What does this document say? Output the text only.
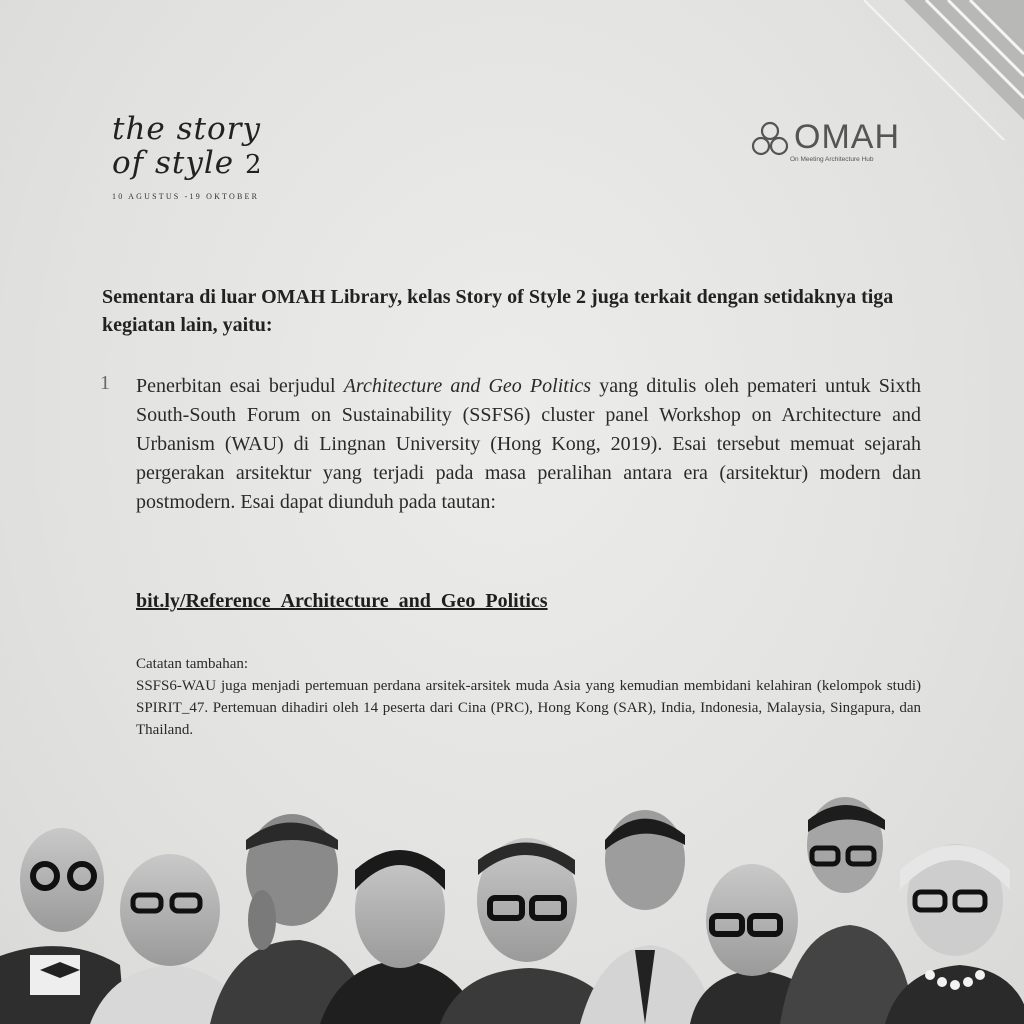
the story
of style 2
10 AGUSTUS -19 OKTOBER
OMAH
On Meeting Architecture Hub
Sementara di luar OMAH Library, kelas Story of Style 2 juga terkait dengan setidaknya tiga kegiatan lain, yaitu:
1 Penerbitan esai berjudul Architecture and Geo Politics yang ditulis oleh pemateri untuk Sixth South-South Forum on Sustainability (SSFS6) cluster panel Workshop on Architecture and Urbanism (WAU) di Lingnan University (Hong Kong, 2019). Esai tersebut memuat sejarah pergerakan arsitektur yang terjadi pada masa peralihan antara era (arsitektur) modern dan postmodern. Esai dapat diunduh pada tautan:
bit.ly/Reference_Architecture_and_Geo_Politics
Catatan tambahan:
SSFS6-WAU juga menjadi pertemuan perdana arsitek-arsitek muda Asia yang kemudian membidani kelahiran (kelompok studi) SPIRIT_47. Pertemuan dihadiri oleh 14 peserta dari Cina (PRC), Hong Kong (SAR), India, Indonesia, Malaysia, Singapura, dan Thailand.
